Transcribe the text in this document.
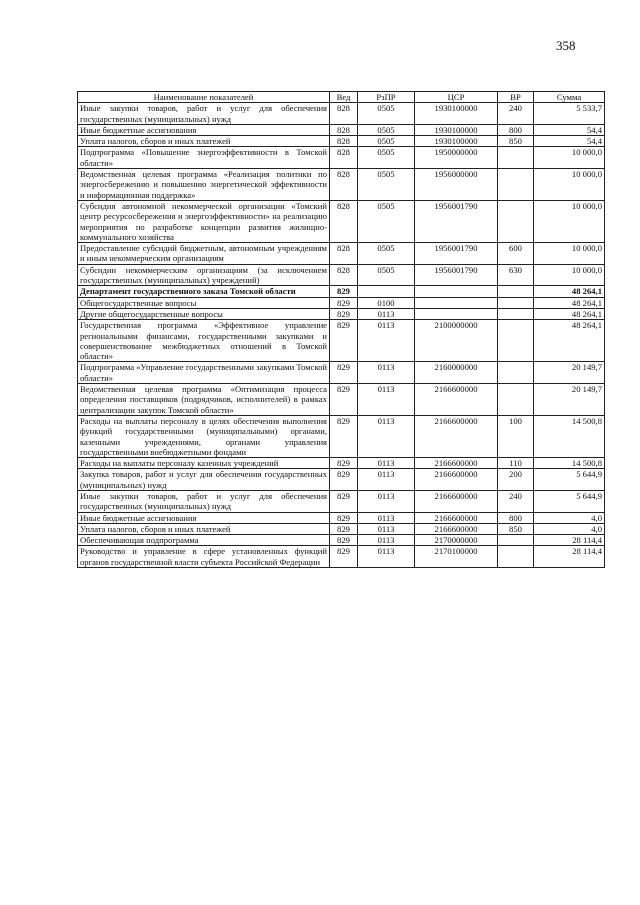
358
Наименование показателей	Вед	РзПР	ЦСР	ВР	Сумма
Иные закупки товаров, работ и услуг для обеспечения государственных (муниципальных) нужд	828	0505	1930100000	240	5 533,7
Иные бюджетные ассигнования	828	0505	1930100000	800	54,4
Уплата налогов, сборов и иных платежей	828	0505	1930100000	850	54,4
Подпрограмма «Повышение энергоэффективности в Томской области»	828	0505	1950000000		10 000,0
Ведомственная целевая программа «Реализация политики по энергосбережению и повышению энергетической эффективности и информационная поддержка»	828	0505	1956000000		10 000,0
Субсидия автономной некоммерческой организации «Томский центр ресурсосбережения и энергоэффективности» на реализацию мероприятия по разработке концепции развития жилищно-коммунального хозяйства	828	0505	1956001790		10 000,0
Предоставление субсидий бюджетным, автономным учреждениям и иным некоммерческим организациям	828	0505	1956001790	600	10 000,0
Субсидии некоммерческим организациям (за исключением государственных (муниципальных) учреждений)	828	0505	1956001790	630	10 000,0
Департамент государственного заказа Томской области	829				48 264,1
Общегосударственные вопросы	829	0100			48 264,1
Другие общегосударственные вопросы	829	0113			48 264,1
Государственная программа «Эффективное управление региональными финансами, государственными закупками и совершенствование межбюджетных отношений в Томской области»	829	0113	2100000000		48 264,1
Подпрограмма «Управление государственными закупками Томской области»	829	0113	2160000000		20 149,7
Ведомственная целевая программа «Оптимизация процесса определения поставщиков (подрядчиков, исполнителей) в рамках централизации закупок Томской области»	829	0113	2166600000		20 149,7
Расходы на выплаты персоналу в целях обеспечения выполнения функций государственными (муниципальными) органами, казенными учреждениями, органами управления государственными внебюджетными фондами	829	0113	2166600000	100	14 500,8
Расходы на выплаты персоналу казенных учреждений	829	0113	2166600000	110	14 500,8
Закупка товаров, работ и услуг для обеспечения государственных (муниципальных) нужд	829	0113	2166600000	200	5 644,9
Иные закупки товаров, работ и услуг для обеспечения государственных (муниципальных) нужд	829	0113	2166600000	240	5 644,9
Иные бюджетные ассигнования	829	0113	2166600000	800	4,0
Уплата налогов, сборов и иных платежей	829	0113	2166600000	850	4,0
Обеспечивающая подпрограмма	829	0113	2170000000		28 114,4
Руководство и управление в сфере установленных функций органов государственной власти субъекта Российской Федерации	829	0113	2170100000		28 114,4
